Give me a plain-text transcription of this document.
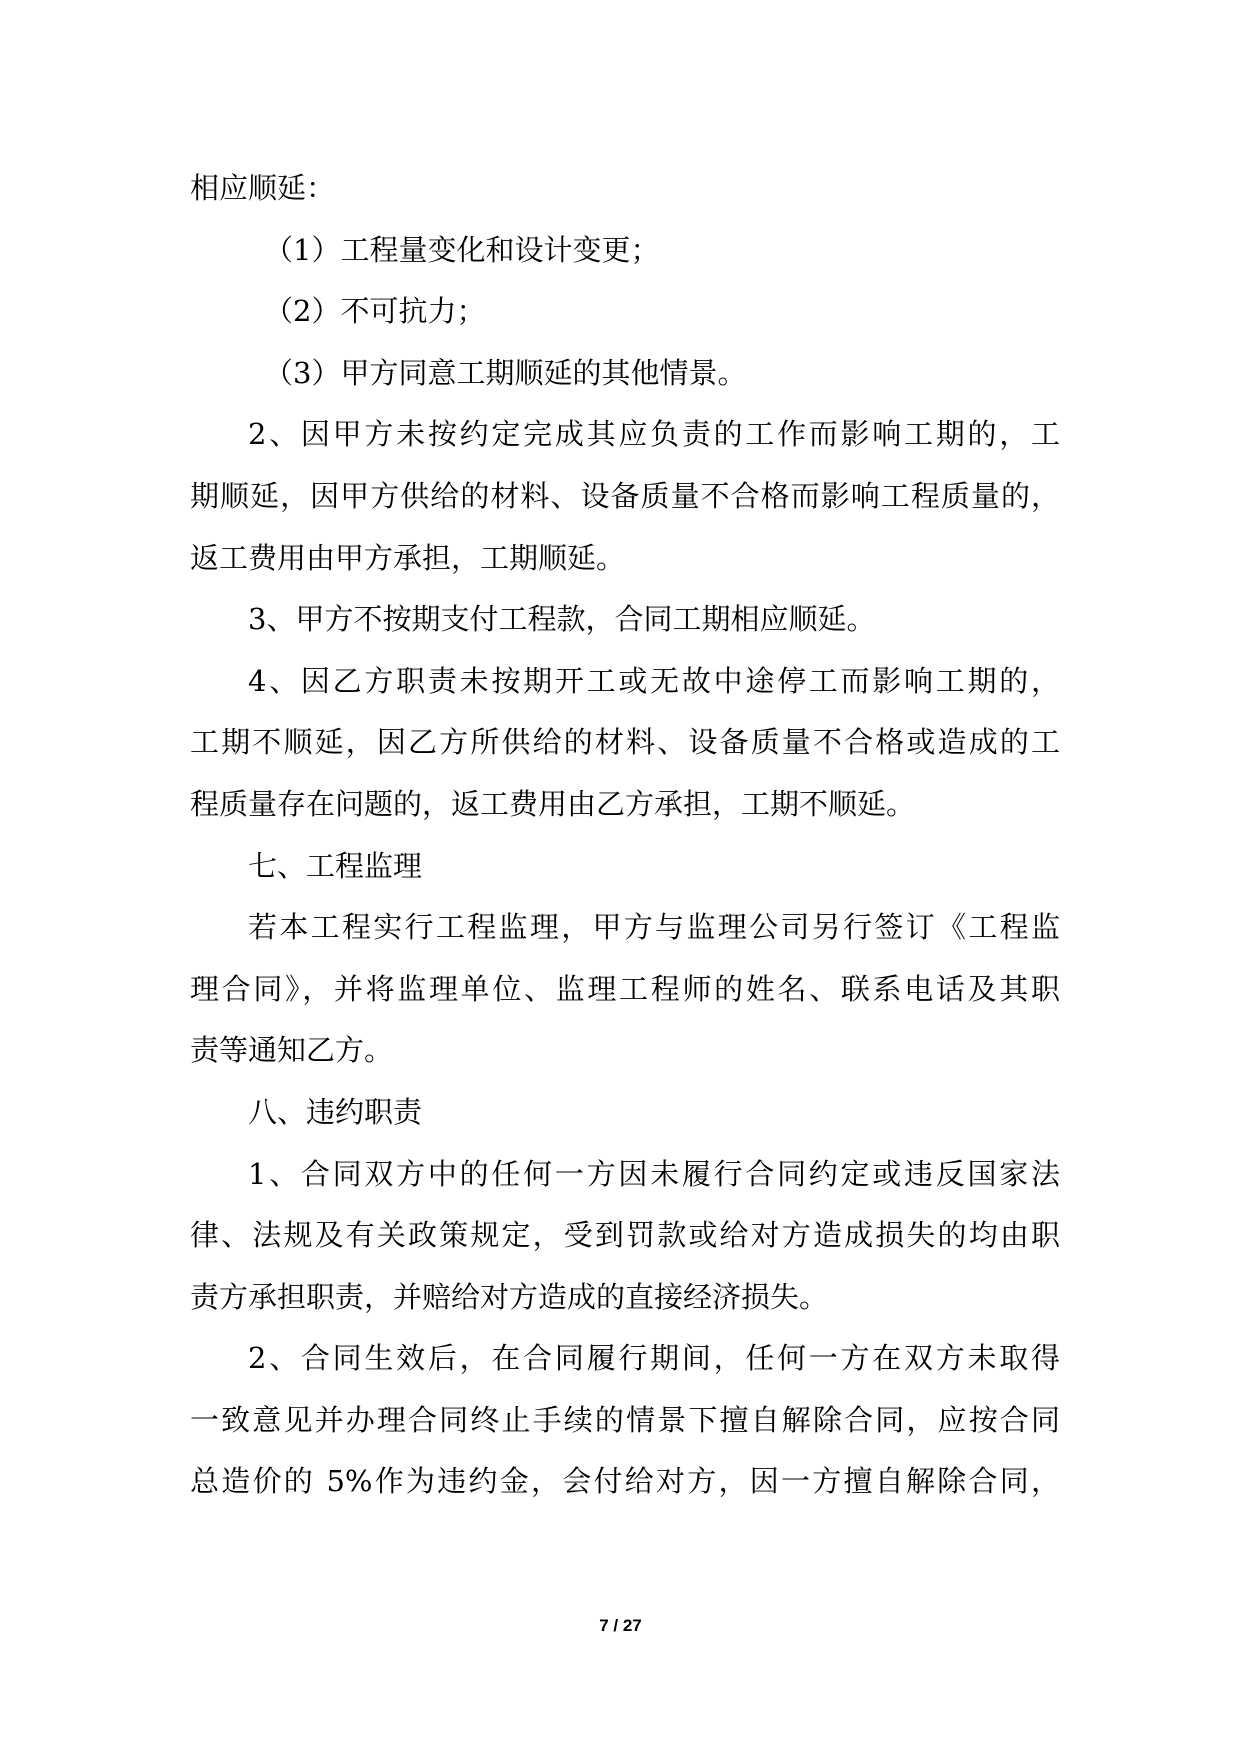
相应顺延：
（1）工程量变化和设计变更；
（2）不可抗力；
（3）甲方同意工期顺延的其他情景。
2、因甲方未按约定完成其应负责的工作而影响工期的，工
期顺延，因甲方供给的材料、设备质量不合格而影响工程质量的，
返工费用由甲方承担，工期顺延。
3、甲方不按期支付工程款，合同工期相应顺延。
4、因乙方职责未按期开工或无故中途停工而影响工期的，
工期不顺延，因乙方所供给的材料、设备质量不合格或造成的工
程质量存在问题的，返工费用由乙方承担，工期不顺延。
七、工程监理
若本工程实行工程监理，甲方与监理公司另行签订《工程监
理合同》，并将监理单位、监理工程师的姓名、联系电话及其职
责等通知乙方。
八、违约职责
1、合同双方中的任何一方因未履行合同约定或违反国家法
律、法规及有关政策规定，受到罚款或给对方造成损失的均由职
责方承担职责，并赔给对方造成的直接经济损失。
2、合同生效后，在合同履行期间，任何一方在双方未取得
一致意见并办理合同终止手续的情景下擅自解除合同，应按合同
总造价的 5%作为违约金，会付给对方，因一方擅自解除合同，
7 / 27
